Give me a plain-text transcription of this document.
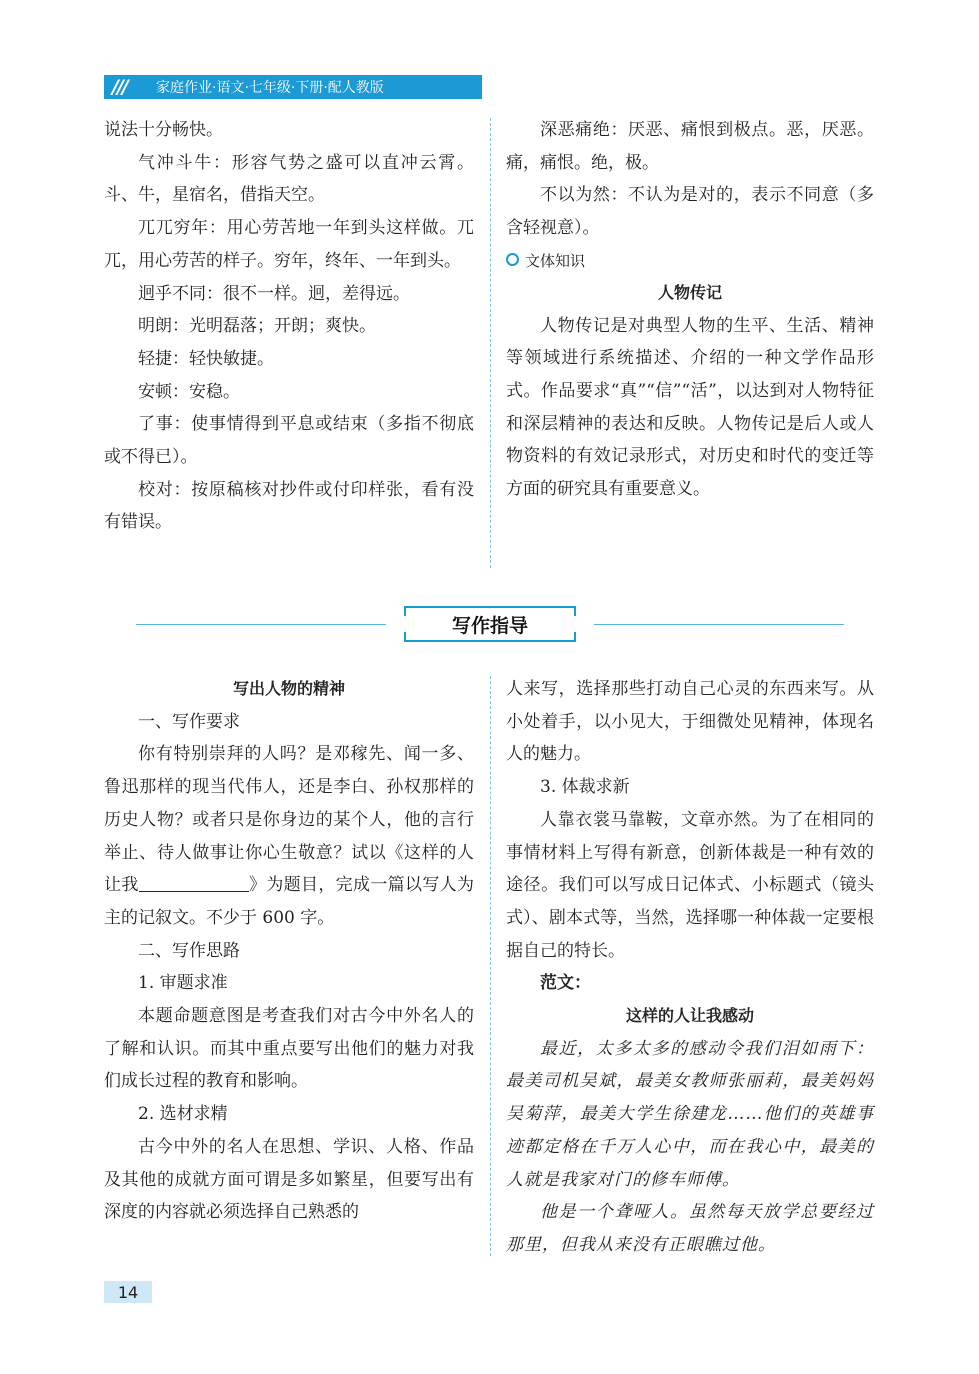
///	家庭作业·语文·七年级·下册·配人教版

说法十分畅快。

气冲斗牛：形容气势之盛可以直冲云霄。斗、牛，星宿名，借指天空。

兀兀穷年：用心劳苦地一年到头这样做。兀兀，用心劳苦的样子。穷年，终年、一年到头。

迥乎不同：很不一样。迥，差得远。

明朗：光明磊落；开朗；爽快。

轻捷：轻快敏捷。

安顿：安稳。

了事：使事情得到平息或结束（多指不彻底或不得已）。

校对：按原稿核对抄件或付印样张，看有没有错误。

深恶痛绝：厌恶、痛恨到极点。恶，厌恶。痛，痛恨。绝，极。

不以为然：不认为是对的，表示不同意（多含轻视意）。

文体知识
人物传记

人物传记是对典型人物的生平、生活、精神等领域进行系统描述、介绍的一种文学作品形式。作品要求“真”“信”“活”，以达到对人物特征和深层精神的表达和反映。人物传记是后人或人物资料的有效记录形式，对历史和时代的变迁等方面的研究具有重要意义。

写作指导
写出人物的精神

一、写作要求

你有特别崇拜的人吗？是邓稼先、闻一多、鲁迅那样的现当代伟人，还是李白、孙权那样的历史人物？或者只是你身边的某个人，他的言行举止、待人做事让你心生敬意？试以《这样的人让我	》为题目，完成一篇以写人为主的记叙文。不少于 600 字。

二、写作思路

1. 审题求准

本题命题意图是考查我们对古今中外名人的了解和认识。而其中重点要写出他们的魅力对我们成长过程的教育和影响。

2. 选材求精

古今中外的名人在思想、学识、人格、作品及其他的成就方面可谓是多如繁星，但要写出有深度的内容就必须选择自己熟悉的

人来写，选择那些打动自己心灵的东西来写。从小处着手，以小见大，于细微处见精神，体现名人的魅力。

3. 体裁求新

人靠衣裳马靠鞍，文章亦然。为了在相同的事情材料上写得有新意，创新体裁是一种有效的途径。我们可以写成日记体式、小标题式（镜头式）、剧本式等，当然，选择哪一种体裁一定要根据自己的特长。

范文：

这样的人让我感动

最近，太多太多的感动令我们泪如雨下：最美司机吴斌，最美女教师张丽莉，最美妈妈吴菊萍，最美大学生徐建龙……他们的英雄事迹都定格在千万人心中，而在我心中，最美的人就是我家对门的修车师傅。

他是一个聋哑人。虽然每天放学总要经过那里，但我从来没有正眼瞧过他。

14
